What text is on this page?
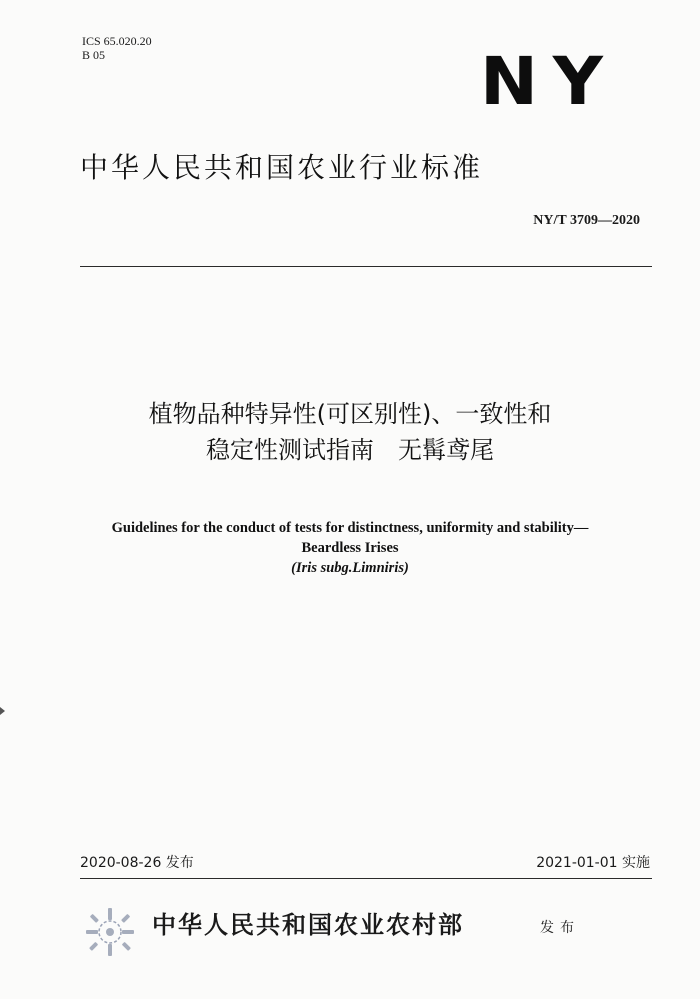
ICS 65.020.20
B 05	NY
中华人民共和国农业行业标准
NY/T 3709—2020
植物品种特异性(可区别性)、一致性和
稳定性测试指南　无髯鸢尾
Guidelines for the conduct of tests for distinctness, uniformity and stability—
Beardless Irises
(Iris subg.Limniris)
2020-08-26 发布	2021-01-01 实施
中华人民共和国农业农村部	发布
